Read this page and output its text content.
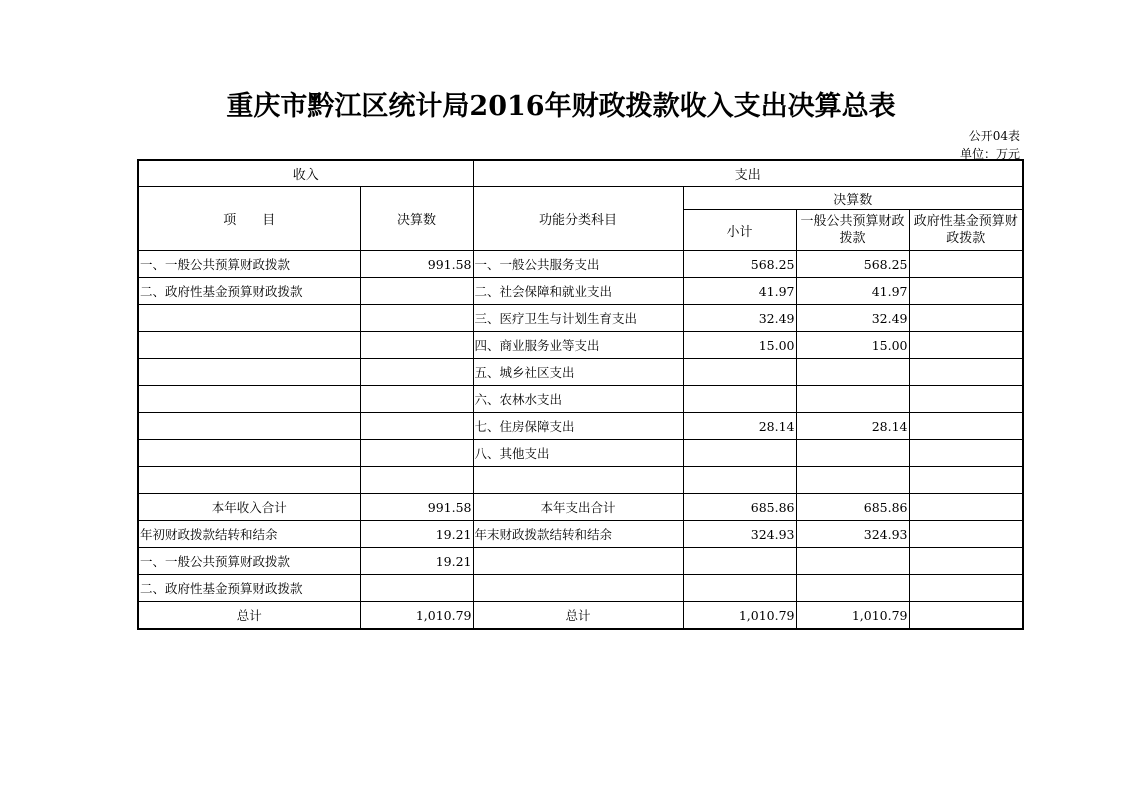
重庆市黔江区统计局2016年财政拨款收入支出决算总表
公开04表
单位：万元
收入		支出			
项　　目	决算数	功能分类科目	决算数		
			小计	一般公共预算财政拨款	政府性基金预算财政拨款
一、一般公共预算财政拨款	991.58	一、一般公共服务支出	568.25	568.25	
二、政府性基金预算财政拨款		二、社会保障和就业支出	41.97	41.97	
		三、医疗卫生与计划生育支出	32.49	32.49	
		四、商业服务业等支出	15.00	15.00	
		五、城乡社区支出			
		六、农林水支出			
		七、住房保障支出	28.14	28.14	
		八、其他支出			

本年收入合计	991.58	本年支出合计	685.86	685.86	
年初财政拨款结转和结余	19.21	年末财政拨款结转和结余	324.93	324.93	
一、一般公共预算财政拨款	19.21				
二、政府性基金预算财政拨款					
总计	1,010.79	总计	1,010.79	1,010.79	
